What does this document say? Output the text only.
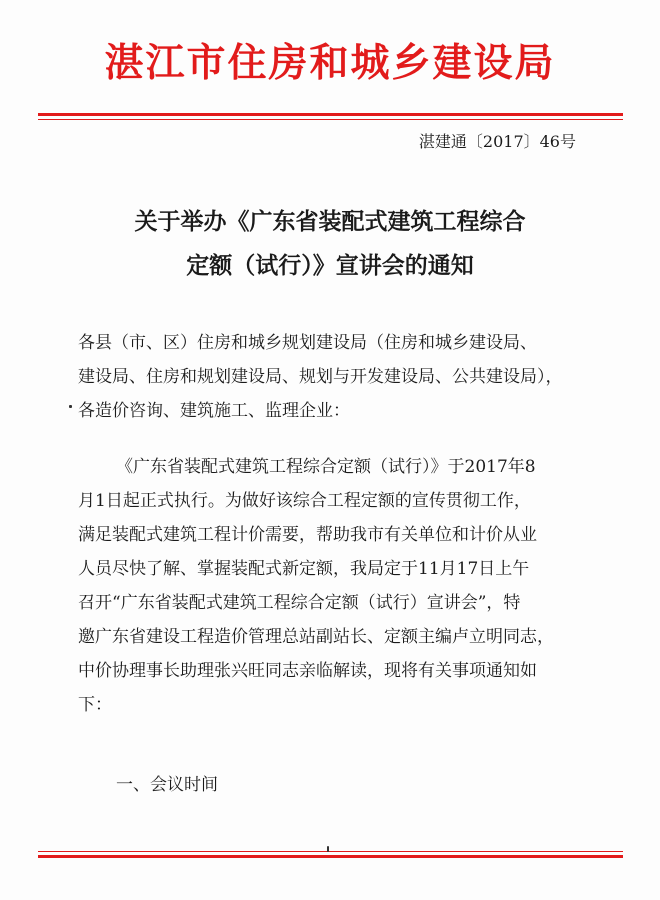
湛江市住房和城乡建设局
湛建通〔2017〕46号
关于举办《广东省装配式建筑工程综合
定额（试行）》宣讲会的通知
各县（市、区）住房和城乡规划建设局（住房和城乡建设局、
建设局、住房和规划建设局、规划与开发建设局、公共建设局），
各造价咨询、建筑施工、监理企业：
《广东省装配式建筑工程综合定额（试行）》于2017年8
月1日起正式执行。为做好该综合工程定额的宣传贯彻工作，
满足装配式建筑工程计价需要，帮助我市有关单位和计价从业
人员尽快了解、掌握装配式新定额，我局定于11月17日上午
召开“广东省装配式建筑工程综合定额（试行）宣讲会”，特
邀广东省建设工程造价管理总站副站长、定额主编卢立明同志，
中价协理事长助理张兴旺同志亲临解读，现将有关事项通知如
下：
一、会议时间
